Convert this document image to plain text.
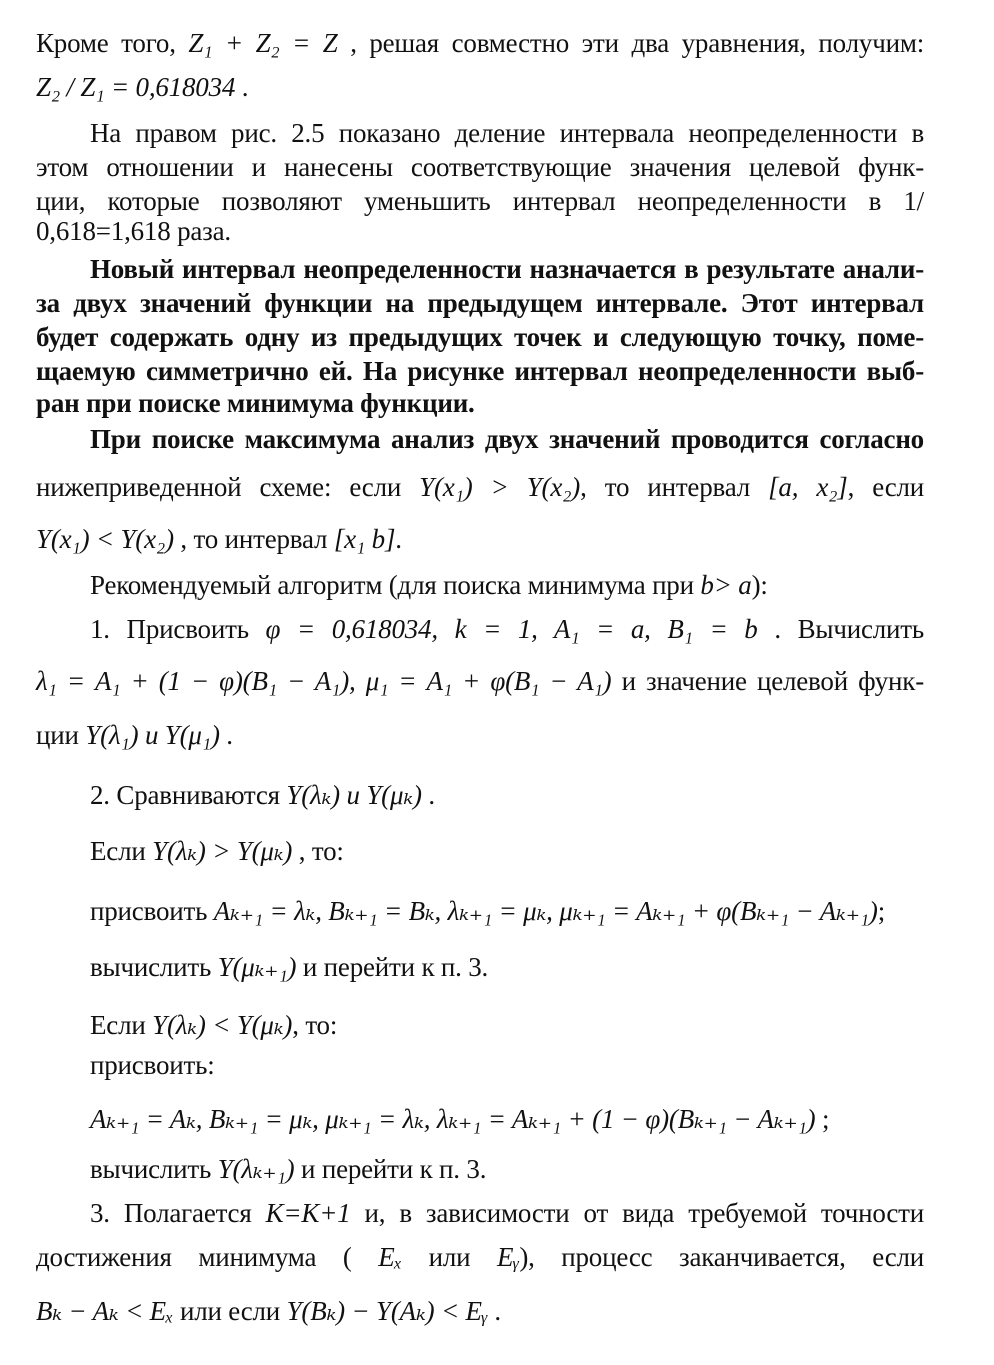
Кроме того, Z₁ + Z₂ = Z , решая совместно эти два уравнения, получим:
Z₂ / Z₁ = 0,618034 .
На правом рис. 2.5 показано деление интервала неопределенности в
этом отношении и нанесены соответствующие значения целевой функ-
ции, которые позволяют уменьшить интервал неопределенности в 1/
0,618=1,618 раза.
Новый интервал неопределенности назначается в результате анали-
за двух значений функции на предыдущем интервале. Этот интервал
будет содержать одну из предыдущих точек и следующую точку, поме-
щаемую симметрично ей. На рисунке интервал неопределенности выб-
ран при поиске минимума функции.
При поиске максимума анализ двух значений проводится согласно
нижеприведенной схеме: если Y(x₁) > Y(x₂), то интервал [a, x₂], если
Y(x₁) < Y(x₂) , то интервал [x₁ b].
Рекомендуемый алгоритм (для поиска минимума при b> a):
1. Присвоить φ = 0,618034, k = 1, A₁ = a, B₁ = b . Вычислить
λ₁ = A₁ + (1 − φ)(B₁ − A₁), μ₁ = A₁ + φ(B₁ − A₁) и значение целевой функ-
ции Y(λ₁) u Y(μ₁) .
2. Сравниваются Y(λₖ) u Y(μₖ) .
Если Y(λₖ) > Y(μₖ) , то:
присвоить Aₖ₊₁ = λₖ, Bₖ₊₁ = Bₖ, λₖ₊₁ = μₖ, μₖ₊₁ = Aₖ₊₁ + φ(Bₖ₊₁ − Aₖ₊₁);
вычислить Y(μₖ₊₁) и перейти к п. 3.
Если Y(λₖ) < Y(μₖ), то:
присвоить:
Aₖ₊₁ = Aₖ, Bₖ₊₁ = μₖ, μₖ₊₁ = λₖ, λₖ₊₁ = Aₖ₊₁ + (1 − φ)(Bₖ₊₁ − Aₖ₊₁) ;
вычислить Y(λₖ₊₁) и перейти к п. 3.
3. Полагается K=K+1 и, в зависимости от вида требуемой точности
достижения минимума ( Eₓ или Eᵧ), процесс заканчивается, если
Bₖ − Aₖ < Eₓ или если Y(Bₖ) − Y(Aₖ) < Eᵧ .
